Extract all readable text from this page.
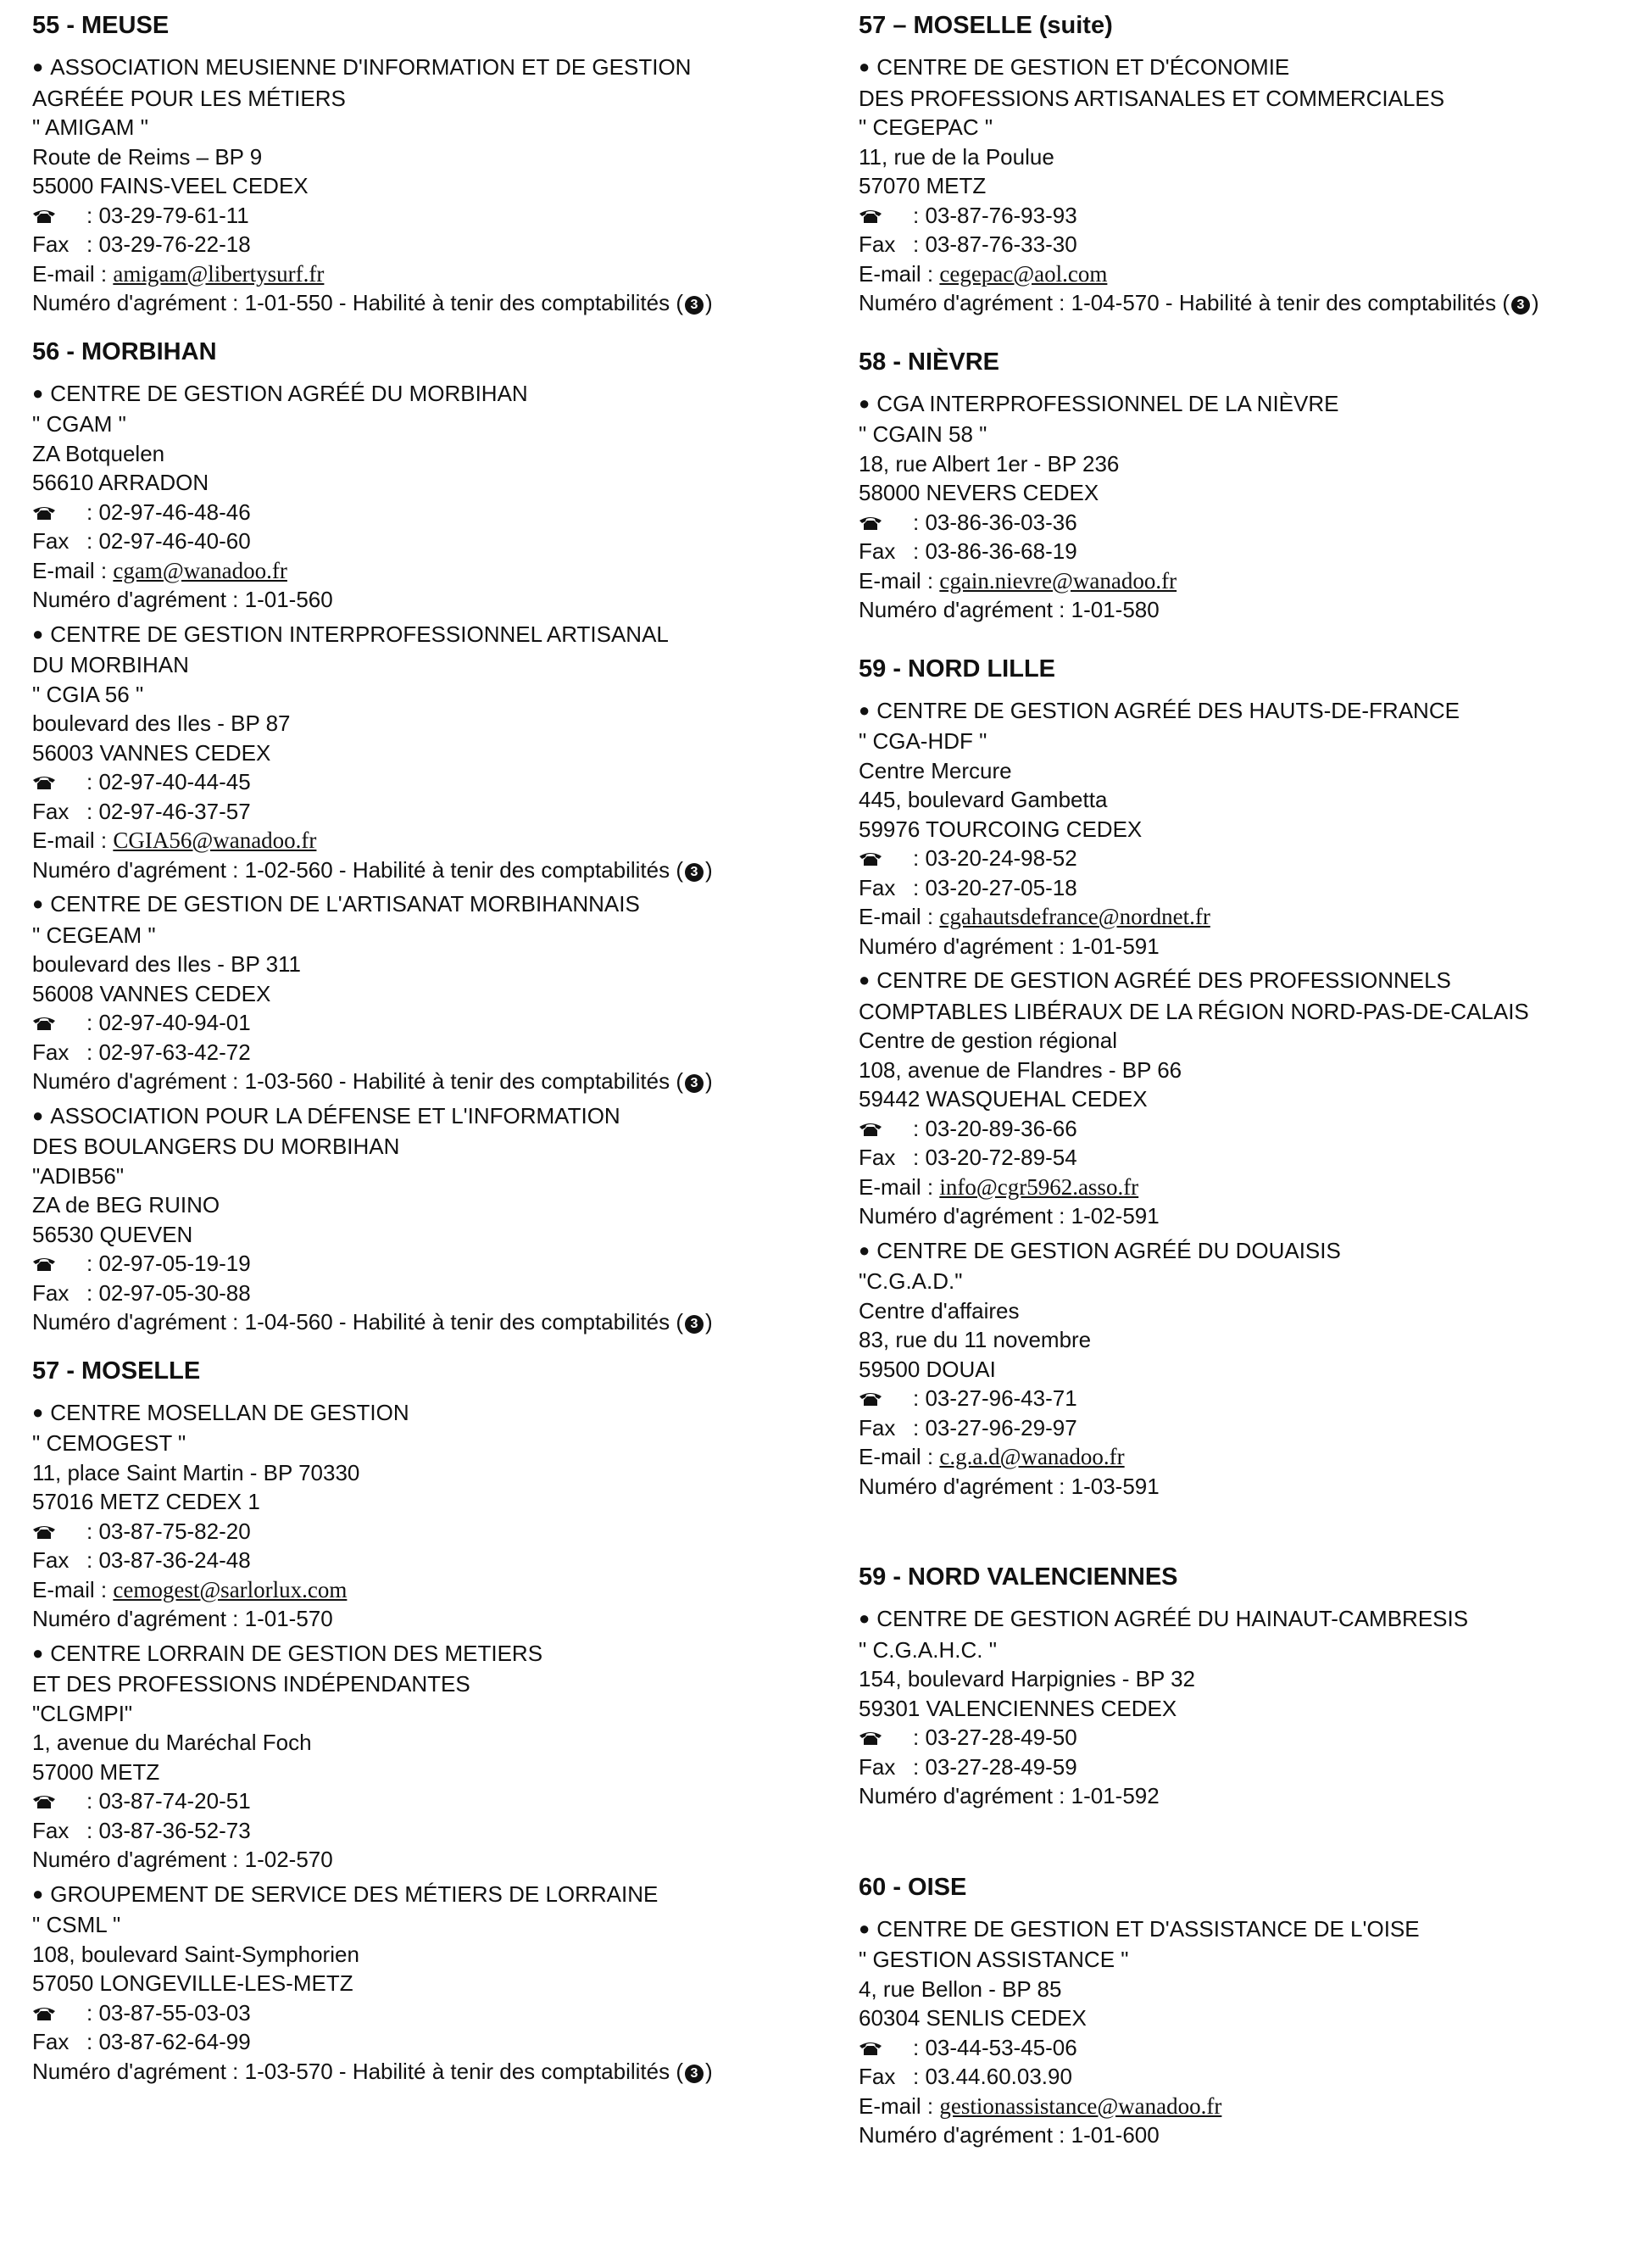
55 - MEUSE
● ASSOCIATION MEUSIENNE D'INFORMATION ET DE GESTION
AGRÉÉE POUR LES MÉTIERS
" AMIGAM "
Route de Reims – BP 9
55000 FAINS-VEEL CEDEX
: 03-29-79-61-11
Fax : 03-29-76-22-18
E-mail : amigam@libertysurf.fr
Numéro d'agrément : 1-01-550 - Habilité à tenir des comptabilités ( 3 )
56 - MORBIHAN
● CENTRE DE GESTION AGRÉÉ DU MORBIHAN
" CGAM "
ZA Botquelen
56610 ARRADON
: 02-97-46-48-46
Fax : 02-97-46-40-60
E-mail : cgam@wanadoo.fr
Numéro d'agrément : 1-01-560
● CENTRE DE GESTION INTERPROFESSIONNEL ARTISANAL
DU MORBIHAN
" CGIA 56 "
boulevard des Iles - BP 87
56003 VANNES CEDEX
: 02-97-40-44-45
Fax : 02-97-46-37-57
E-mail : CGIA56@wanadoo.fr
Numéro d'agrément : 1-02-560 - Habilité à tenir des comptabilités ( 3 )
● CENTRE DE GESTION DE L'ARTISANAT MORBIHANNAIS
" CEGEAM "
boulevard des Iles - BP 311
56008 VANNES CEDEX
: 02-97-40-94-01
Fax : 02-97-63-42-72
Numéro d'agrément : 1-03-560 - Habilité à tenir des comptabilités ( 3 )
● ASSOCIATION POUR LA DÉFENSE ET L'INFORMATION
DES BOULANGERS DU MORBIHAN
"ADIB56"
ZA de BEG RUINO
56530 QUEVEN
: 02-97-05-19-19
Fax : 02-97-05-30-88
Numéro d'agrément : 1-04-560 - Habilité à tenir des comptabilités ( 3 )
57 - MOSELLE
● CENTRE MOSELLAN DE GESTION
" CEMOGEST "
11, place Saint Martin - BP 70330
57016 METZ CEDEX 1
: 03-87-75-82-20
Fax : 03-87-36-24-48
E-mail : cemogest@sarlorlux.com
Numéro d'agrément : 1-01-570
● CENTRE LORRAIN DE GESTION DES METIERS
ET DES PROFESSIONS INDÉPENDANTES
"CLGMPI"
1, avenue du Maréchal Foch
57000 METZ
: 03-87-74-20-51
Fax : 03-87-36-52-73
Numéro d'agrément : 1-02-570
● GROUPEMENT DE SERVICE DES MÉTIERS DE LORRAINE
" CSML "
108, boulevard Saint-Symphorien
57050 LONGEVILLE-LES-METZ
: 03-87-55-03-03
Fax : 03-87-62-64-99
Numéro d'agrément : 1-03-570 - Habilité à tenir des comptabilités ( 3 )
57 – MOSELLE (suite)
● CENTRE DE GESTION ET D'ÉCONOMIE
DES PROFESSIONS ARTISANALES ET COMMERCIALES
" CEGEPAC "
11, rue de la Poulue
57070 METZ
: 03-87-76-93-93
Fax : 03-87-76-33-30
E-mail : cegepac@aol.com
Numéro d'agrément : 1-04-570 - Habilité à tenir des comptabilités ( 3 )
58 - NIÈVRE
● CGA INTERPROFESSIONNEL DE LA NIÈVRE
" CGAIN 58 "
18, rue Albert 1er - BP 236
58000 NEVERS CEDEX
: 03-86-36-03-36
Fax : 03-86-36-68-19
E-mail : cgain.nievre@wanadoo.fr
Numéro d'agrément : 1-01-580
59 - NORD LILLE
● CENTRE DE GESTION AGRÉÉ DES HAUTS-DE-FRANCE
" CGA-HDF "
Centre Mercure
445, boulevard Gambetta
59976 TOURCOING CEDEX
: 03-20-24-98-52
Fax : 03-20-27-05-18
E-mail : cgahautsdefrance@nordnet.fr
Numéro d'agrément : 1-01-591
● CENTRE DE GESTION AGRÉÉ DES PROFESSIONNELS
COMPTABLES LIBÉRAUX DE LA RÉGION NORD-PAS-DE-CALAIS
Centre de gestion régional
108, avenue de Flandres - BP 66
59442 WASQUEHAL CEDEX
: 03-20-89-36-66
Fax : 03-20-72-89-54
E-mail : info@cgr5962.asso.fr
Numéro d'agrément : 1-02-591
● CENTRE DE GESTION AGRÉÉ DU DOUAISIS
"C.G.A.D."
Centre d'affaires
83, rue du 11 novembre
59500 DOUAI
: 03-27-96-43-71
Fax : 03-27-96-29-97
E-mail : c.g.a.d@wanadoo.fr
Numéro d'agrément : 1-03-591
59 - NORD VALENCIENNES
● CENTRE DE GESTION AGRÉÉ DU HAINAUT-CAMBRESIS
" C.G.A.H.C. "
154, boulevard Harpignies - BP 32
59301 VALENCIENNES CEDEX
: 03-27-28-49-50
Fax : 03-27-28-49-59
Numéro d'agrément : 1-01-592
60 - OISE
● CENTRE DE GESTION ET D'ASSISTANCE DE L'OISE
" GESTION ASSISTANCE "
4, rue Bellon - BP 85
60304 SENLIS CEDEX
: 03-44-53-45-06
Fax : 03.44.60.03.90
E-mail : gestionassistance@wanadoo.fr
Numéro d'agrément : 1-01-600
